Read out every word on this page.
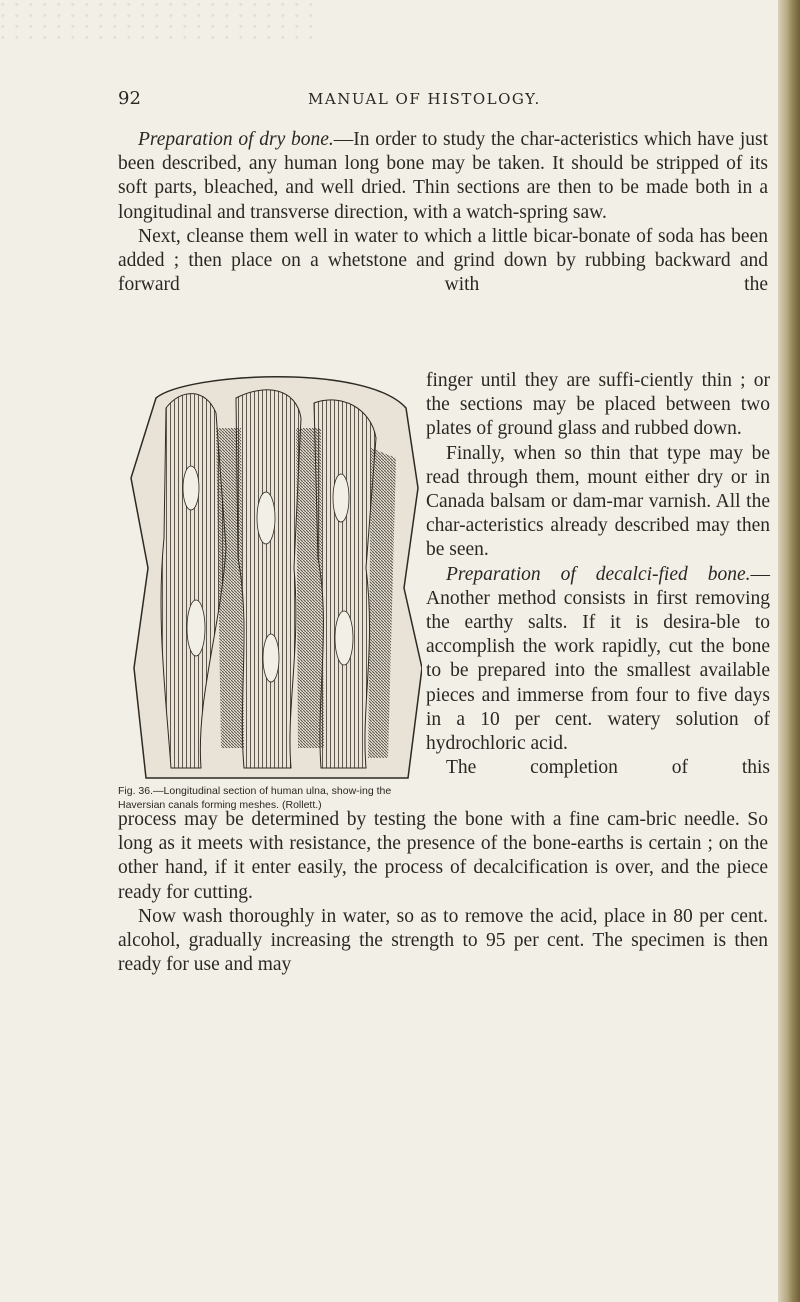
92	MANUAL OF HISTOLOGY.

Preparation of dry bone.—In order to study the char-acteristics which have just been described, any human long bone may be taken. It should be stripped of its soft parts, bleached, and well dried. Thin sections are then to be made both in a longitudinal and transverse direction, with a watch-spring saw.

Next, cleanse them well in water to which a little bicar-bonate of soda has been added ; then place on a whetstone and grind down by rubbing backward and forward with the

Fig. 36.—Longitudinal section of human ulna, show-ing the Haversian canals forming meshes. (Rollett.)

finger until they are suffi-ciently thin ; or the sections may be placed between two plates of ground glass and rubbed down.

Finally, when so thin that type may be read through them, mount either dry or in Canada balsam or dam-mar varnish. All the char-acteristics already described may then be seen.

Preparation of decalci-fied bone.—Another method consists in first removing the earthy salts. If it is desira-ble to accomplish the work rapidly, cut the bone to be prepared into the smallest available pieces and immerse from four to five days in a 10 per cent. watery solution of hydrochloric acid.

The completion of this

process may be determined by testing the bone with a fine cam-bric needle. So long as it meets with resistance, the presence of the bone-earths is certain ; on the other hand, if it enter easily, the process of decalcification is over, and the piece ready for cutting.

Now wash thoroughly in water, so as to remove the acid, place in 80 per cent. alcohol, gradually increasing the strength to 95 per cent. The specimen is then ready for use and may
